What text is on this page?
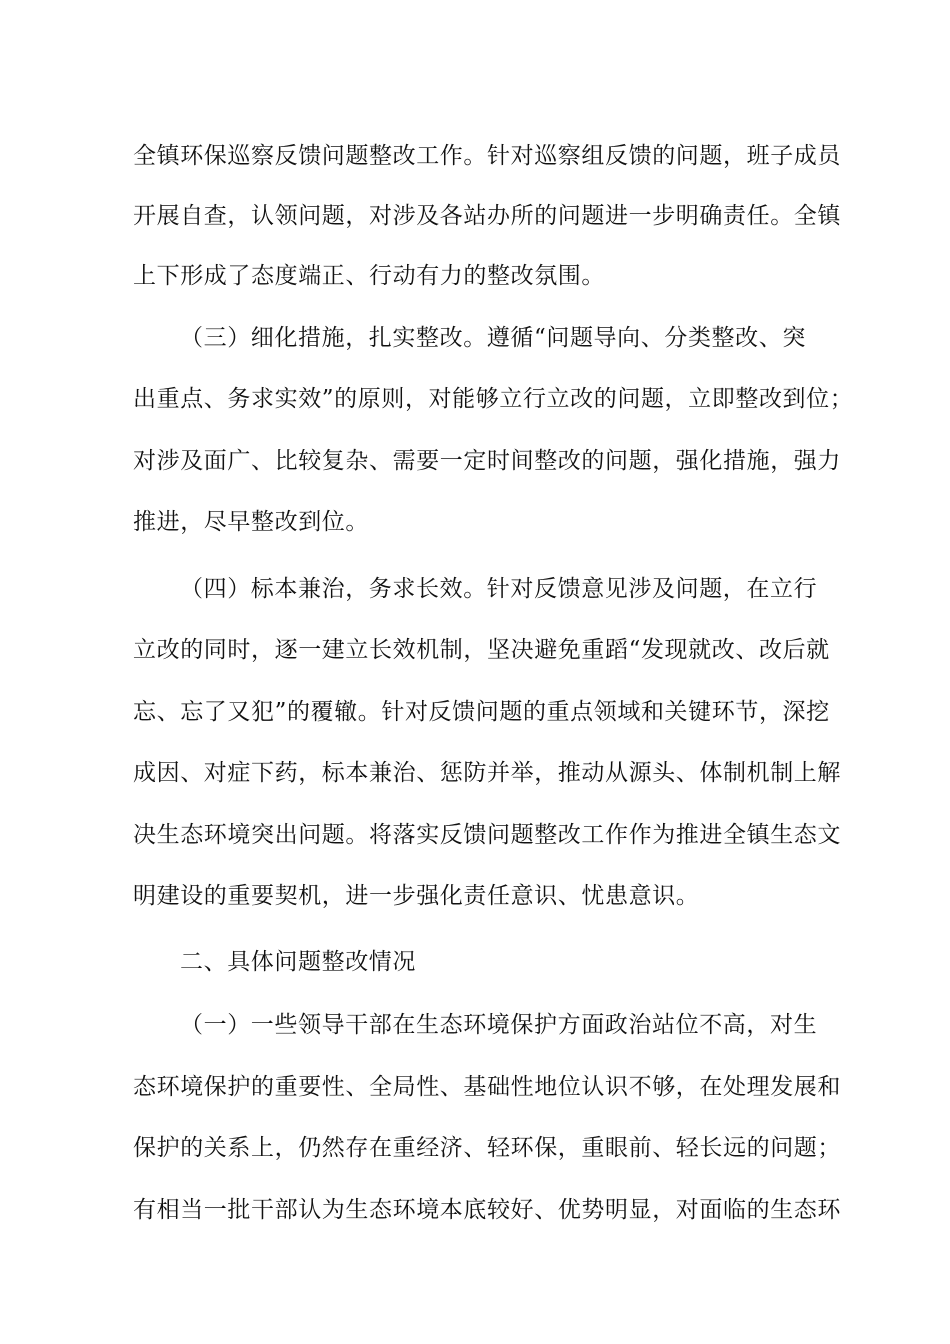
全镇环保巡察反馈问题整改工作。针对巡察组反馈的问题，班子成员
开展自查，认领问题，对涉及各站办所的问题进一步明确责任。全镇
上下形成了态度端正、行动有力的整改氛围。
（三）细化措施，扎实整改。遵循“问题导向、分类整改、突
出重点、务求实效”的原则，对能够立行立改的问题，立即整改到位；
对涉及面广、比较复杂、需要一定时间整改的问题，强化措施，强力
推进，尽早整改到位。
（四）标本兼治，务求长效。针对反馈意见涉及问题，在立行
立改的同时，逐一建立长效机制，坚决避免重蹈“发现就改、改后就
忘、忘了又犯”的覆辙。针对反馈问题的重点领域和关键环节，深挖
成因、对症下药，标本兼治、惩防并举，推动从源头、体制机制上解
决生态环境突出问题。将落实反馈问题整改工作作为推进全镇生态文
明建设的重要契机，进一步强化责任意识、忧患意识。
二、具体问题整改情况
（一）一些领导干部在生态环境保护方面政治站位不高，对生
态环境保护的重要性、全局性、基础性地位认识不够，在处理发展和
保护的关系上，仍然存在重经济、轻环保，重眼前、轻长远的问题；
有相当一批干部认为生态环境本底较好、优势明显，对面临的生态环
